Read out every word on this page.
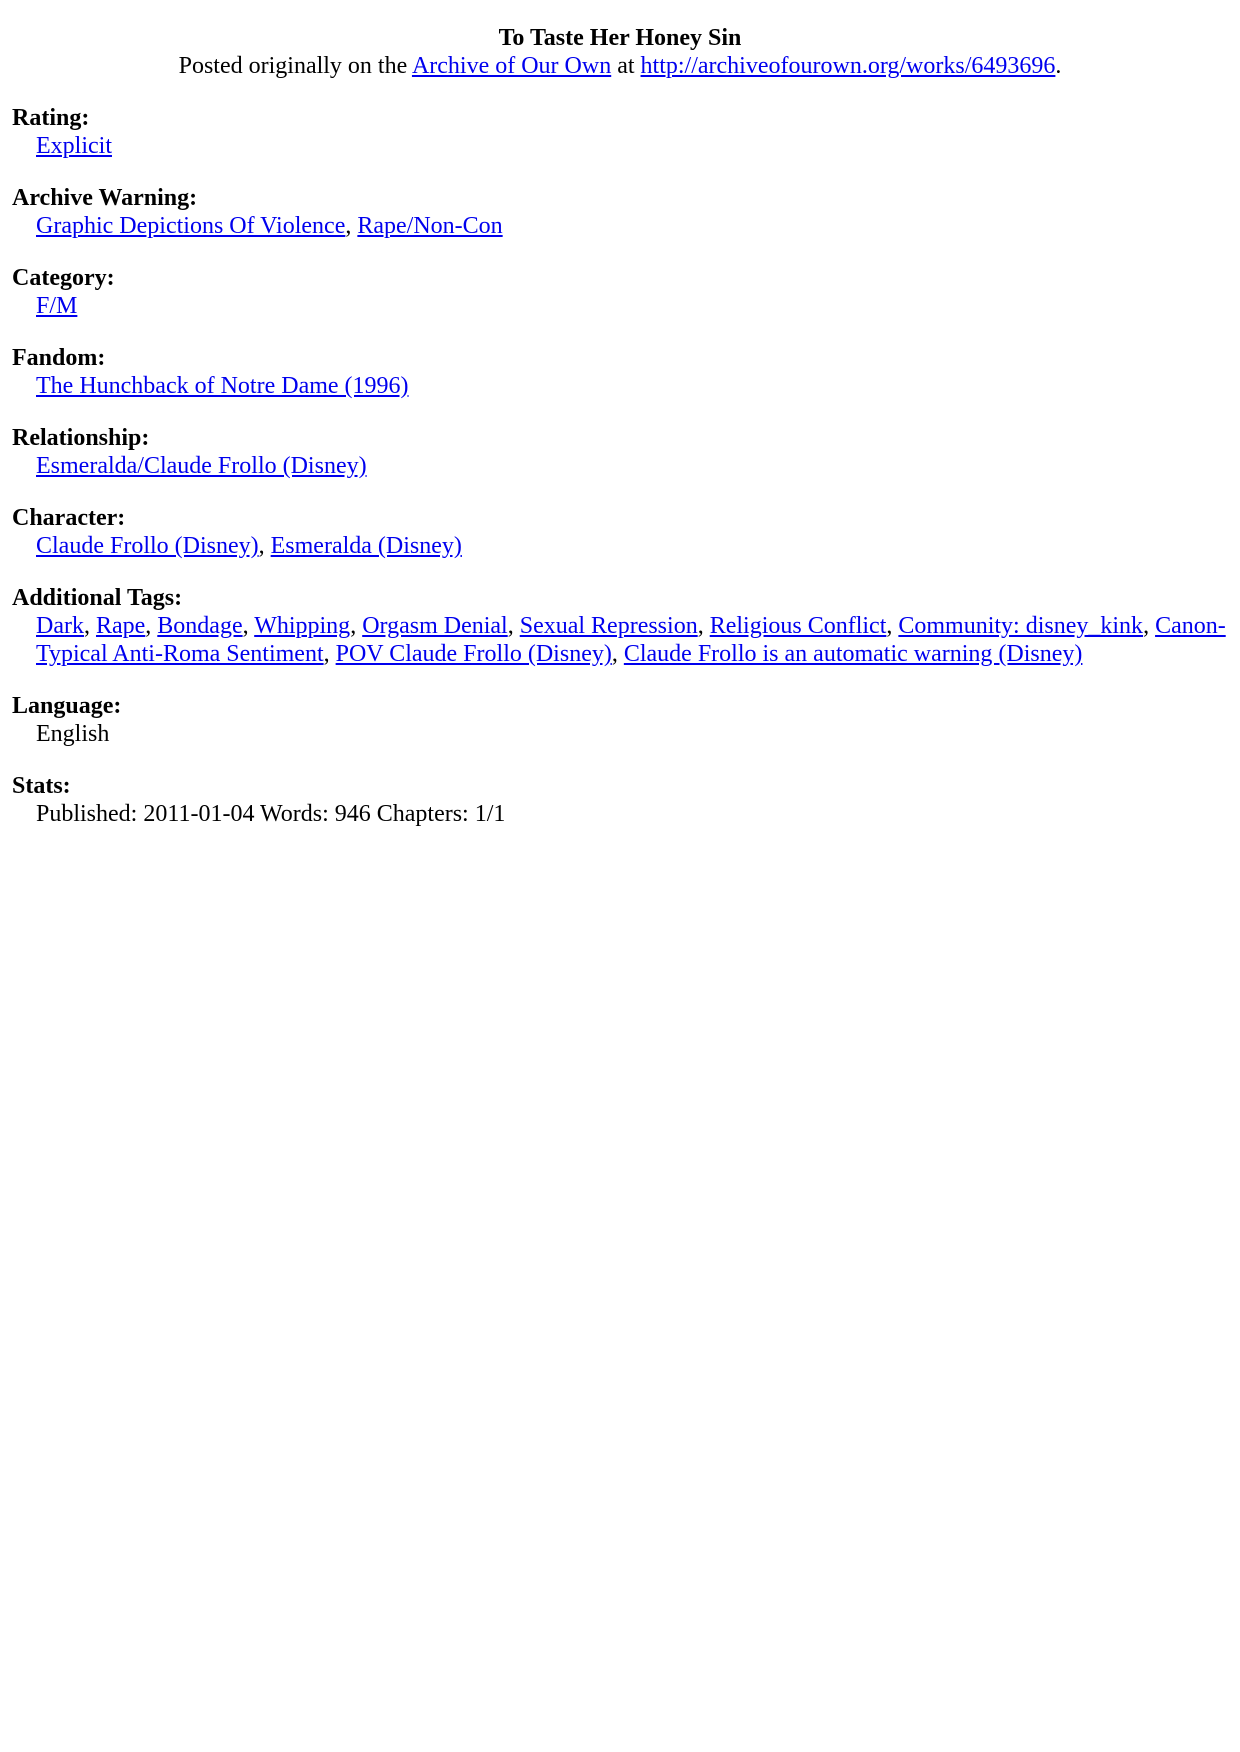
To Taste Her Honey Sin
Posted originally on the Archive of Our Own at http://archiveofourown.org/works/6493696.
Rating:
Explicit
Archive Warning:
Graphic Depictions Of Violence, Rape/Non-Con
Category:
F/M
Fandom:
The Hunchback of Notre Dame (1996)
Relationship:
Esmeralda/Claude Frollo (Disney)
Character:
Claude Frollo (Disney), Esmeralda (Disney)
Additional Tags:
Dark, Rape, Bondage, Whipping, Orgasm Denial, Sexual Repression, Religious Conflict, Community: disney_kink, Canon-Typical Anti-Roma Sentiment, POV Claude Frollo (Disney), Claude Frollo is an automatic warning (Disney)
Language:
English
Stats:
Published: 2011-01-04 Words: 946 Chapters: 1/1
